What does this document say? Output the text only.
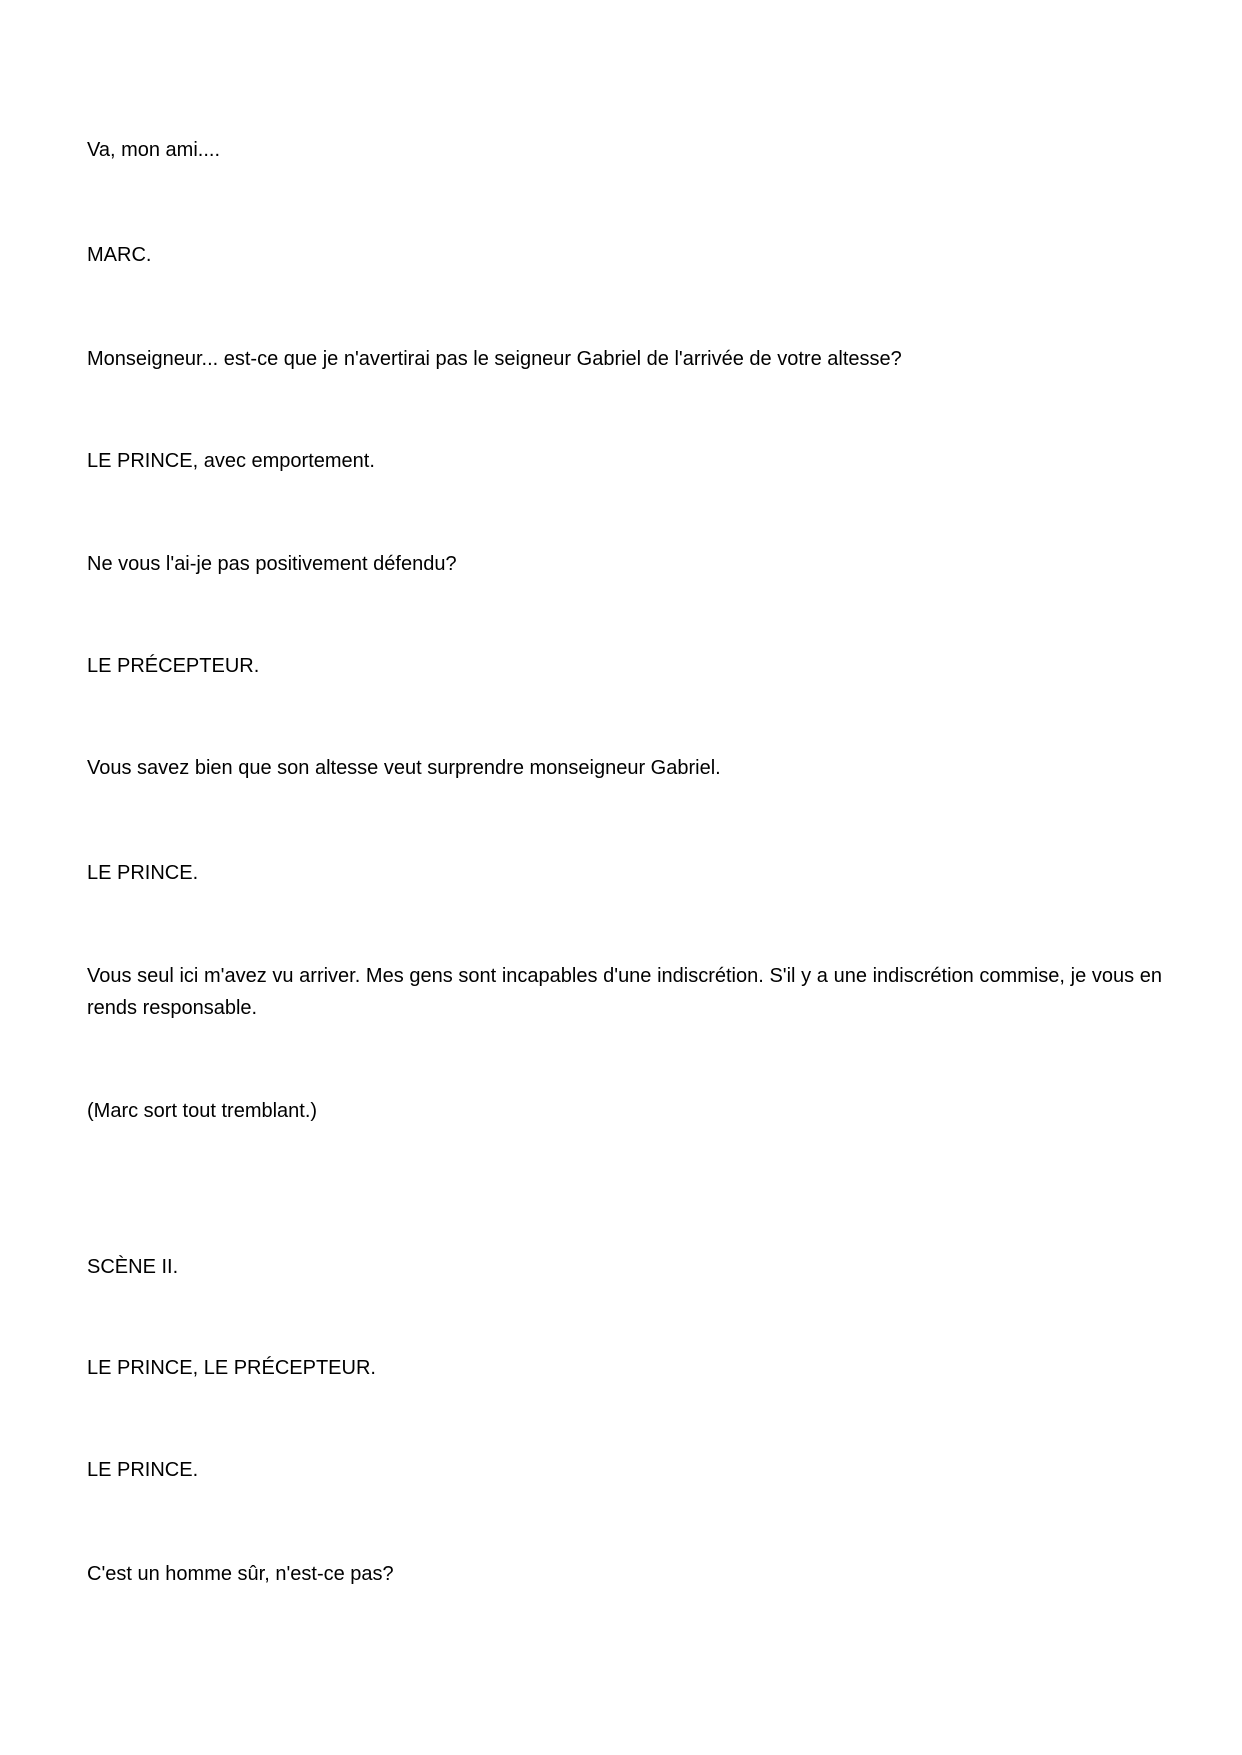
Va, mon ami....

MARC.

Monseigneur... est-ce que je n'avertirai pas le seigneur Gabriel de l'arrivée de votre altesse?

LE PRINCE, avec emportement.

Ne vous l'ai-je pas positivement défendu?

LE PRÉCEPTEUR.

Vous savez bien que son altesse veut surprendre monseigneur Gabriel.

LE PRINCE.

Vous seul ici m'avez vu arriver. Mes gens sont incapables d'une indiscrétion. S'il y a une indiscrétion commise, je vous en rends responsable.

(Marc sort tout tremblant.)

SCÈNE II.

LE PRINCE, LE PRÉCEPTEUR.

LE PRINCE.

C'est un homme sûr, n'est-ce pas?
